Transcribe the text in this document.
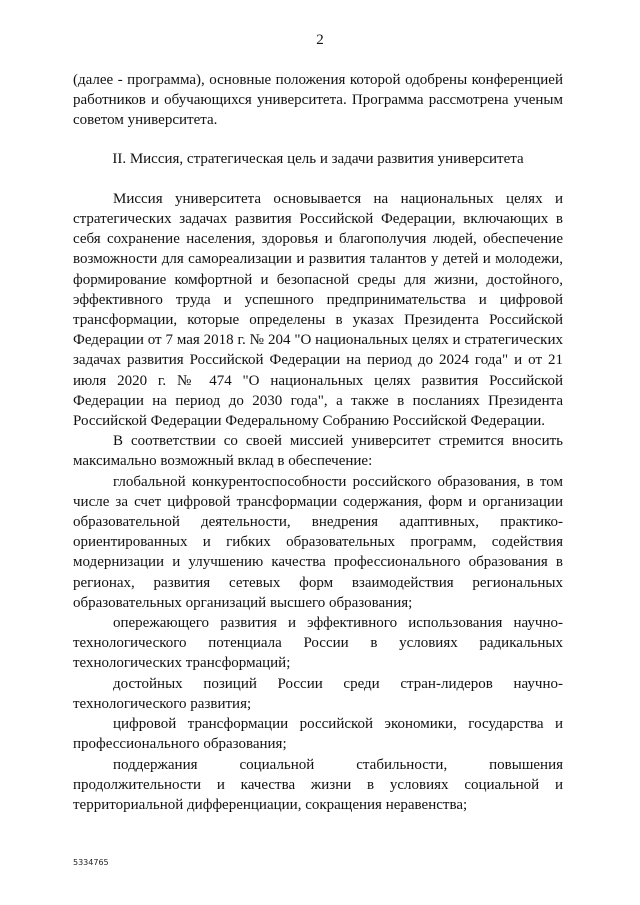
2

(далее - программа), основные положения которой одобрены конференцией работников и обучающихся университета. Программа рассмотрена ученым советом университета.

II. Миссия, стратегическая цель и задачи развития университета

Миссия университета основывается на национальных целях и стратегических задачах развития Российской Федерации, включающих в себя сохранение населения, здоровья и благополучия людей, обеспечение возможности для самореализации и развития талантов у детей и молодежи, формирование комфортной и безопасной среды для жизни, достойного, эффективного труда и успешного предпринимательства и цифровой трансформации, которые определены в указах Президента Российской Федерации от 7 мая 2018 г. № 204 "О национальных целях и стратегических задачах развития Российской Федерации на период до 2024 года" и от 21 июля 2020 г. № 474 "О национальных целях развития Российской Федерации на период до 2030 года", а также в посланиях Президента Российской Федерации Федеральному Собранию Российской Федерации.

В соответствии со своей миссией университет стремится вносить максимально возможный вклад в обеспечение:

глобальной конкурентоспособности российского образования, в том числе за счет цифровой трансформации содержания, форм и организации образовательной деятельности, внедрения адаптивных, практико-ориентированных и гибких образовательных программ, содействия модернизации и улучшению качества профессионального образования в регионах, развития сетевых форм взаимодействия региональных образовательных организаций высшего образования;

опережающего развития и эффективного использования научно-технологического потенциала России в условиях радикальных технологических трансформаций;

достойных позиций России среди стран-лидеров научно-технологического развития;

цифровой трансформации российской экономики, государства и профессионального образования;

поддержания социальной стабильности, повышения продолжительности и качества жизни в условиях социальной и территориальной дифференциации, сокращения неравенства;

5334765
